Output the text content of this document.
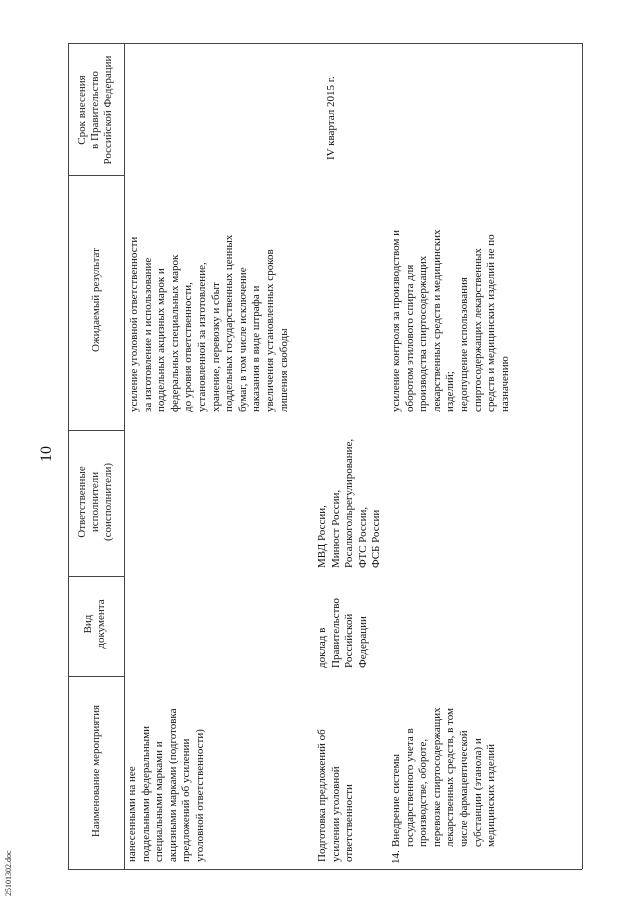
10
25101302.doc
Срок внесения
в Правительство
Российской Федерации
Ожидаемый результат
Ответственные
исполнители
(соисполнители)
Вид
документа
Наименование мероприятия нанесенными на нее
поддельными федеральными
специальными марками и
акцизными марками (подготовка
предложений об усилении
уголовной ответственности)
усиление уголовной ответственности
за изготовление и использование
поддельных акцизных марок и
федеральных специальных марок
до уровня ответственности,
установленной за изготовление,
хранение, перевозку и сбыт
поддельных государственных ценных
бумаг, в том числе исключение
наказания в виде штрафа и
увеличения установленных сроков
лишения свободы
Подготовка предложений об
усилении уголовной
ответственности
доклад в
Правительство
Российской
Федерации
МВД России,
Минюст России,
Росалкогольрегулирование,
ФТС России,
ФСБ России
IV квартал 2015 г.
14.
Внедрение системы
государственного учета в
производстве, обороте,
перевозке спиртосодержащих
лекарственных средств, в том
числе фармацевтической
субстанции (этанола) и
медицинских изделий
усиление контроля за производством и
оборотом этилового спирта для
производства спиртосодержащих
лекарственных средств и медицинских
изделий;
недопущение использования
спиртосодержащих лекарственных
средств и медицинских изделий не по
назначению
